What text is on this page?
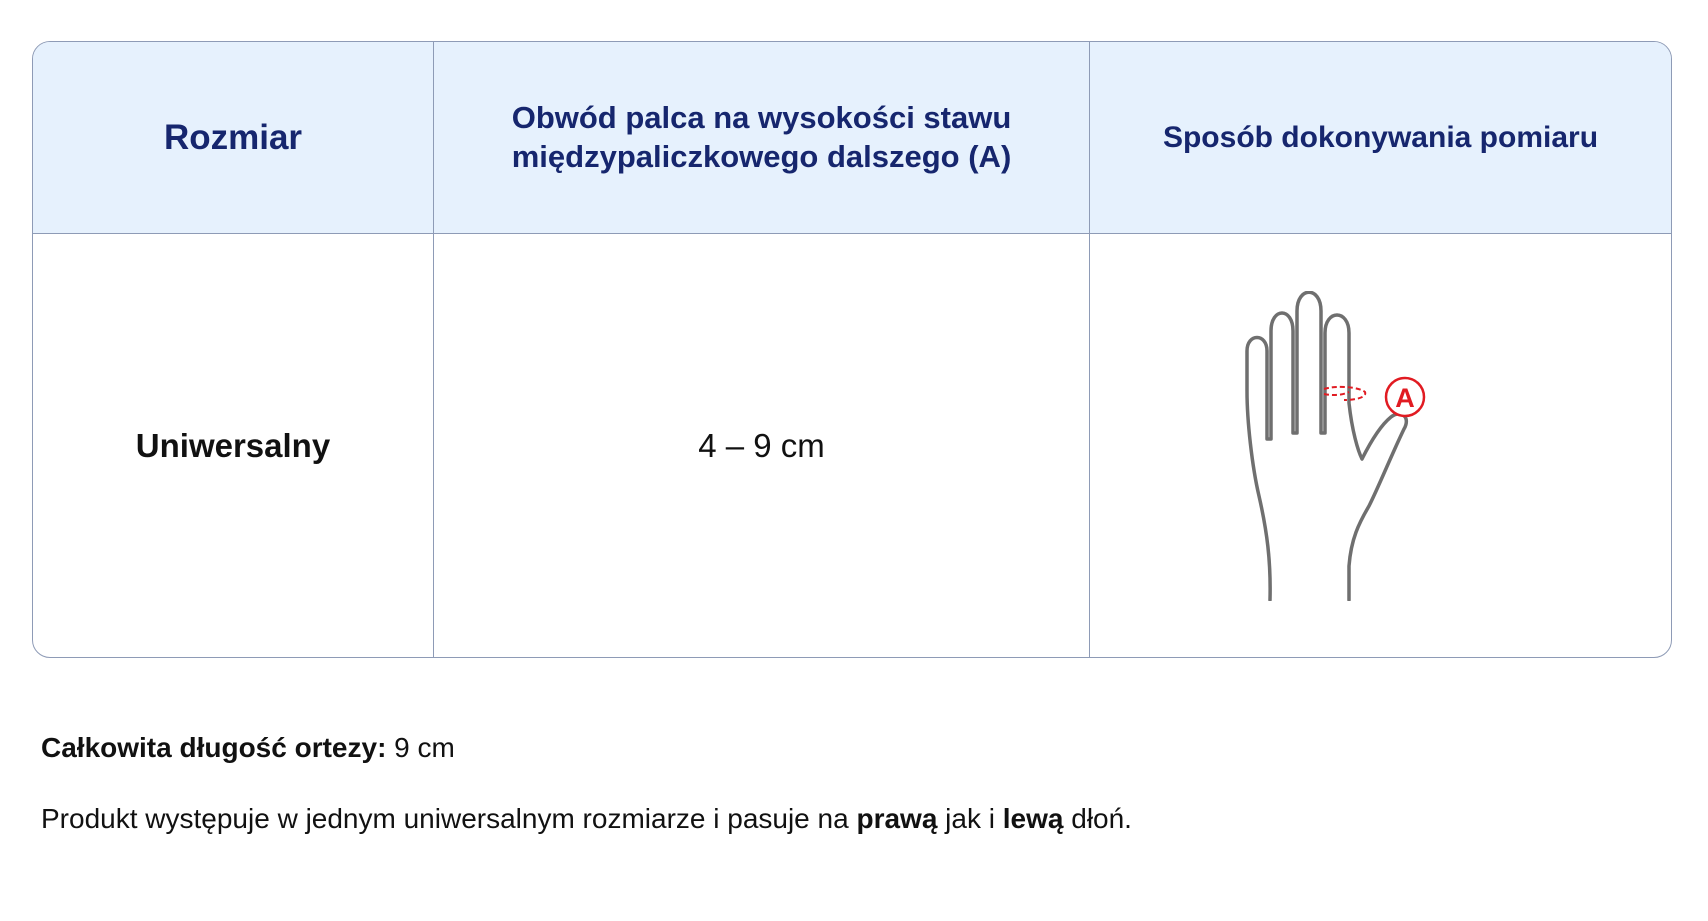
Rozmiar
Obwód palca na wysokości stawu międzypaliczkowego dalszego (A)
Sposób dokonywania pomiaru
Uniwersalny	4 – 9 cm
A
Całkowita długość ortezy: 9 cm
Produkt występuje w jednym uniwersalnym rozmiarze i pasuje na prawą jak i lewą dłoń.
